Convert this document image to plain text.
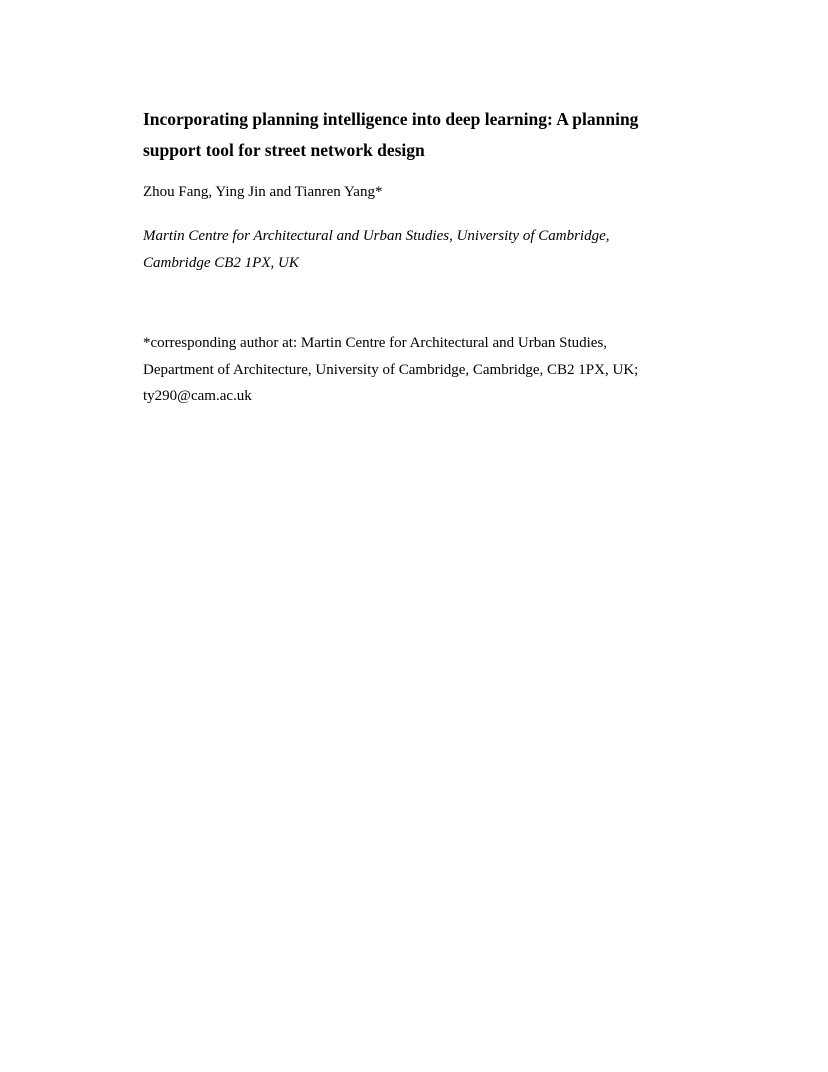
Incorporating planning intelligence into deep learning: A planning
support tool for street network design

Zhou Fang, Ying Jin and Tianren Yang*

Martin Centre for Architectural and Urban Studies, University of Cambridge,
Cambridge CB2 1PX, UK

*corresponding author at: Martin Centre for Architectural and Urban Studies,
Department of Architecture, University of Cambridge, Cambridge, CB2 1PX, UK;
ty290@cam.ac.uk
